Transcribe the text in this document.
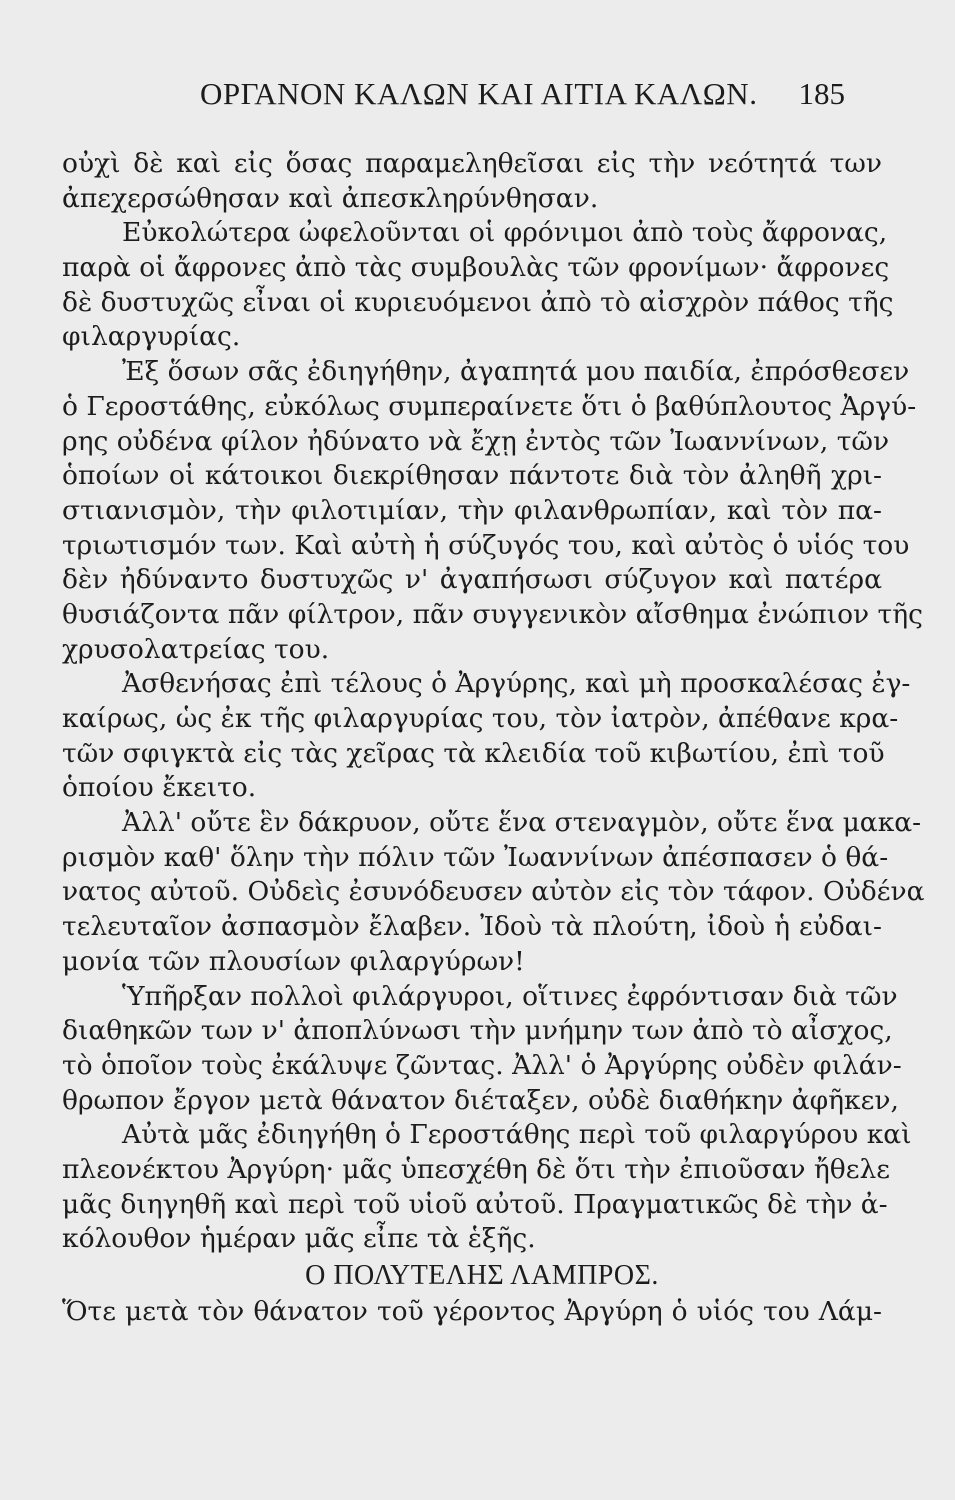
ΟΡΓΑΝΟΝ ΚΑΛΩΝ ΚΑΙ ΑΙΤΙΑ ΚΑΛΩΝ. 185
οὐχὶ δὲ καὶ εἰς ὅσας παραμεληθεῖσαι εἰς τὴν νεότητά των
ἀπεχερσώθησαν καὶ ἀπεσκληρύνθησαν.
Εὐκολώτερα ὠφελοῦνται οἱ φρόνιμοι ἀπὸ τοὺς ἄφρονας,
παρὰ οἱ ἄφρονες ἀπὸ τὰς συμβουλὰς τῶν φρονίμων· ἄφρονες
δὲ δυστυχῶς εἶναι οἱ κυριευόμενοι ἀπὸ τὸ αἰσχρὸν πάθος τῆς
φιλαργυρίας.
Ἐξ ὅσων σᾶς ἐδιηγήθην, ἀγαπητά μου παιδία, ἐπρόσθεσεν
ὁ Γεροστάθης, εὐκόλως συμπεραίνετε ὅτι ὁ βαθύπλουτος Ἀργύ-
ρης οὐδένα φίλον ἠδύνατο νὰ ἔχῃ ἐντὸς τῶν Ἰωαννίνων, τῶν
ὁποίων οἱ κάτοικοι διεκρίθησαν πάντοτε διὰ τὸν ἀληθῆ χρι-
στιανισμὸν, τὴν φιλοτιμίαν, τὴν φιλανθρωπίαν, καὶ τὸν πα-
τριωτισμόν των. Καὶ αὐτὴ ἡ σύζυγός του, καὶ αὐτὸς ὁ υἱός του
δὲν ἠδύναντο δυστυχῶς ν' ἀγαπήσωσι σύζυγον καὶ πατέρα
θυσιάζοντα πᾶν φίλτρον, πᾶν συγγενικὸν αἴσθημα ἐνώπιον τῆς
χρυσολατρείας του.
Ἀσθενήσας ἐπὶ τέλους ὁ Ἀργύρης, καὶ μὴ προσκαλέσας ἐγ-
καίρως, ὡς ἐκ τῆς φιλαργυρίας του, τὸν ἰατρὸν, ἀπέθανε κρα-
τῶν σφιγκτὰ εἰς τὰς χεῖρας τὰ κλειδία τοῦ κιβωτίου, ἐπὶ τοῦ
ὁποίου ἔκειτο.
Ἀλλ' οὔτε ἓν δάκρυον, οὔτε ἕνα στεναγμὸν, οὔτε ἕνα μακα-
ρισμὸν καθ' ὅλην τὴν πόλιν τῶν Ἰωαννίνων ἀπέσπασεν ὁ θά-
νατος αὐτοῦ. Οὐδεὶς ἐσυνόδευσεν αὐτὸν εἰς τὸν τάφον. Οὐδένα
τελευταῖον ἀσπασμὸν ἔλαβεν. Ἰδοὺ τὰ πλούτη, ἰδοὺ ἡ εὐδαι-
μονία τῶν πλουσίων φιλαργύρων!
Ὑπῆρξαν πολλοὶ φιλάργυροι, οἵτινες ἐφρόντισαν διὰ τῶν
διαθηκῶν των ν' ἀποπλύνωσι τὴν μνήμην των ἀπὸ τὸ αἶσχος,
τὸ ὁποῖον τοὺς ἐκάλυψε ζῶντας. Ἀλλ' ὁ Ἀργύρης οὐδὲν φιλάν-
θρωπον ἔργον μετὰ θάνατον διέταξεν, οὐδὲ διαθήκην ἀφῆκεν,
Αὐτὰ μᾶς ἐδιηγήθη ὁ Γεροστάθης περὶ τοῦ φιλαργύρου καὶ
πλεονέκτου Ἀργύρη· μᾶς ὑπεσχέθη δὲ ὅτι τὴν ἐπιοῦσαν ἤθελε
μᾶς διηγηθῆ καὶ περὶ τοῦ υἱοῦ αὐτοῦ. Πραγματικῶς δὲ τὴν ἀ-
κόλουθον ἡμέραν μᾶς εἶπε τὰ ἑξῆς.
Ο ΠΟΛΥΤΕΛΗΣ ΛΑΜΠΡΟΣ.
Ὅτε μετὰ τὸν θάνατον τοῦ γέροντος Ἀργύρη ὁ υἱός του Λάμ-
